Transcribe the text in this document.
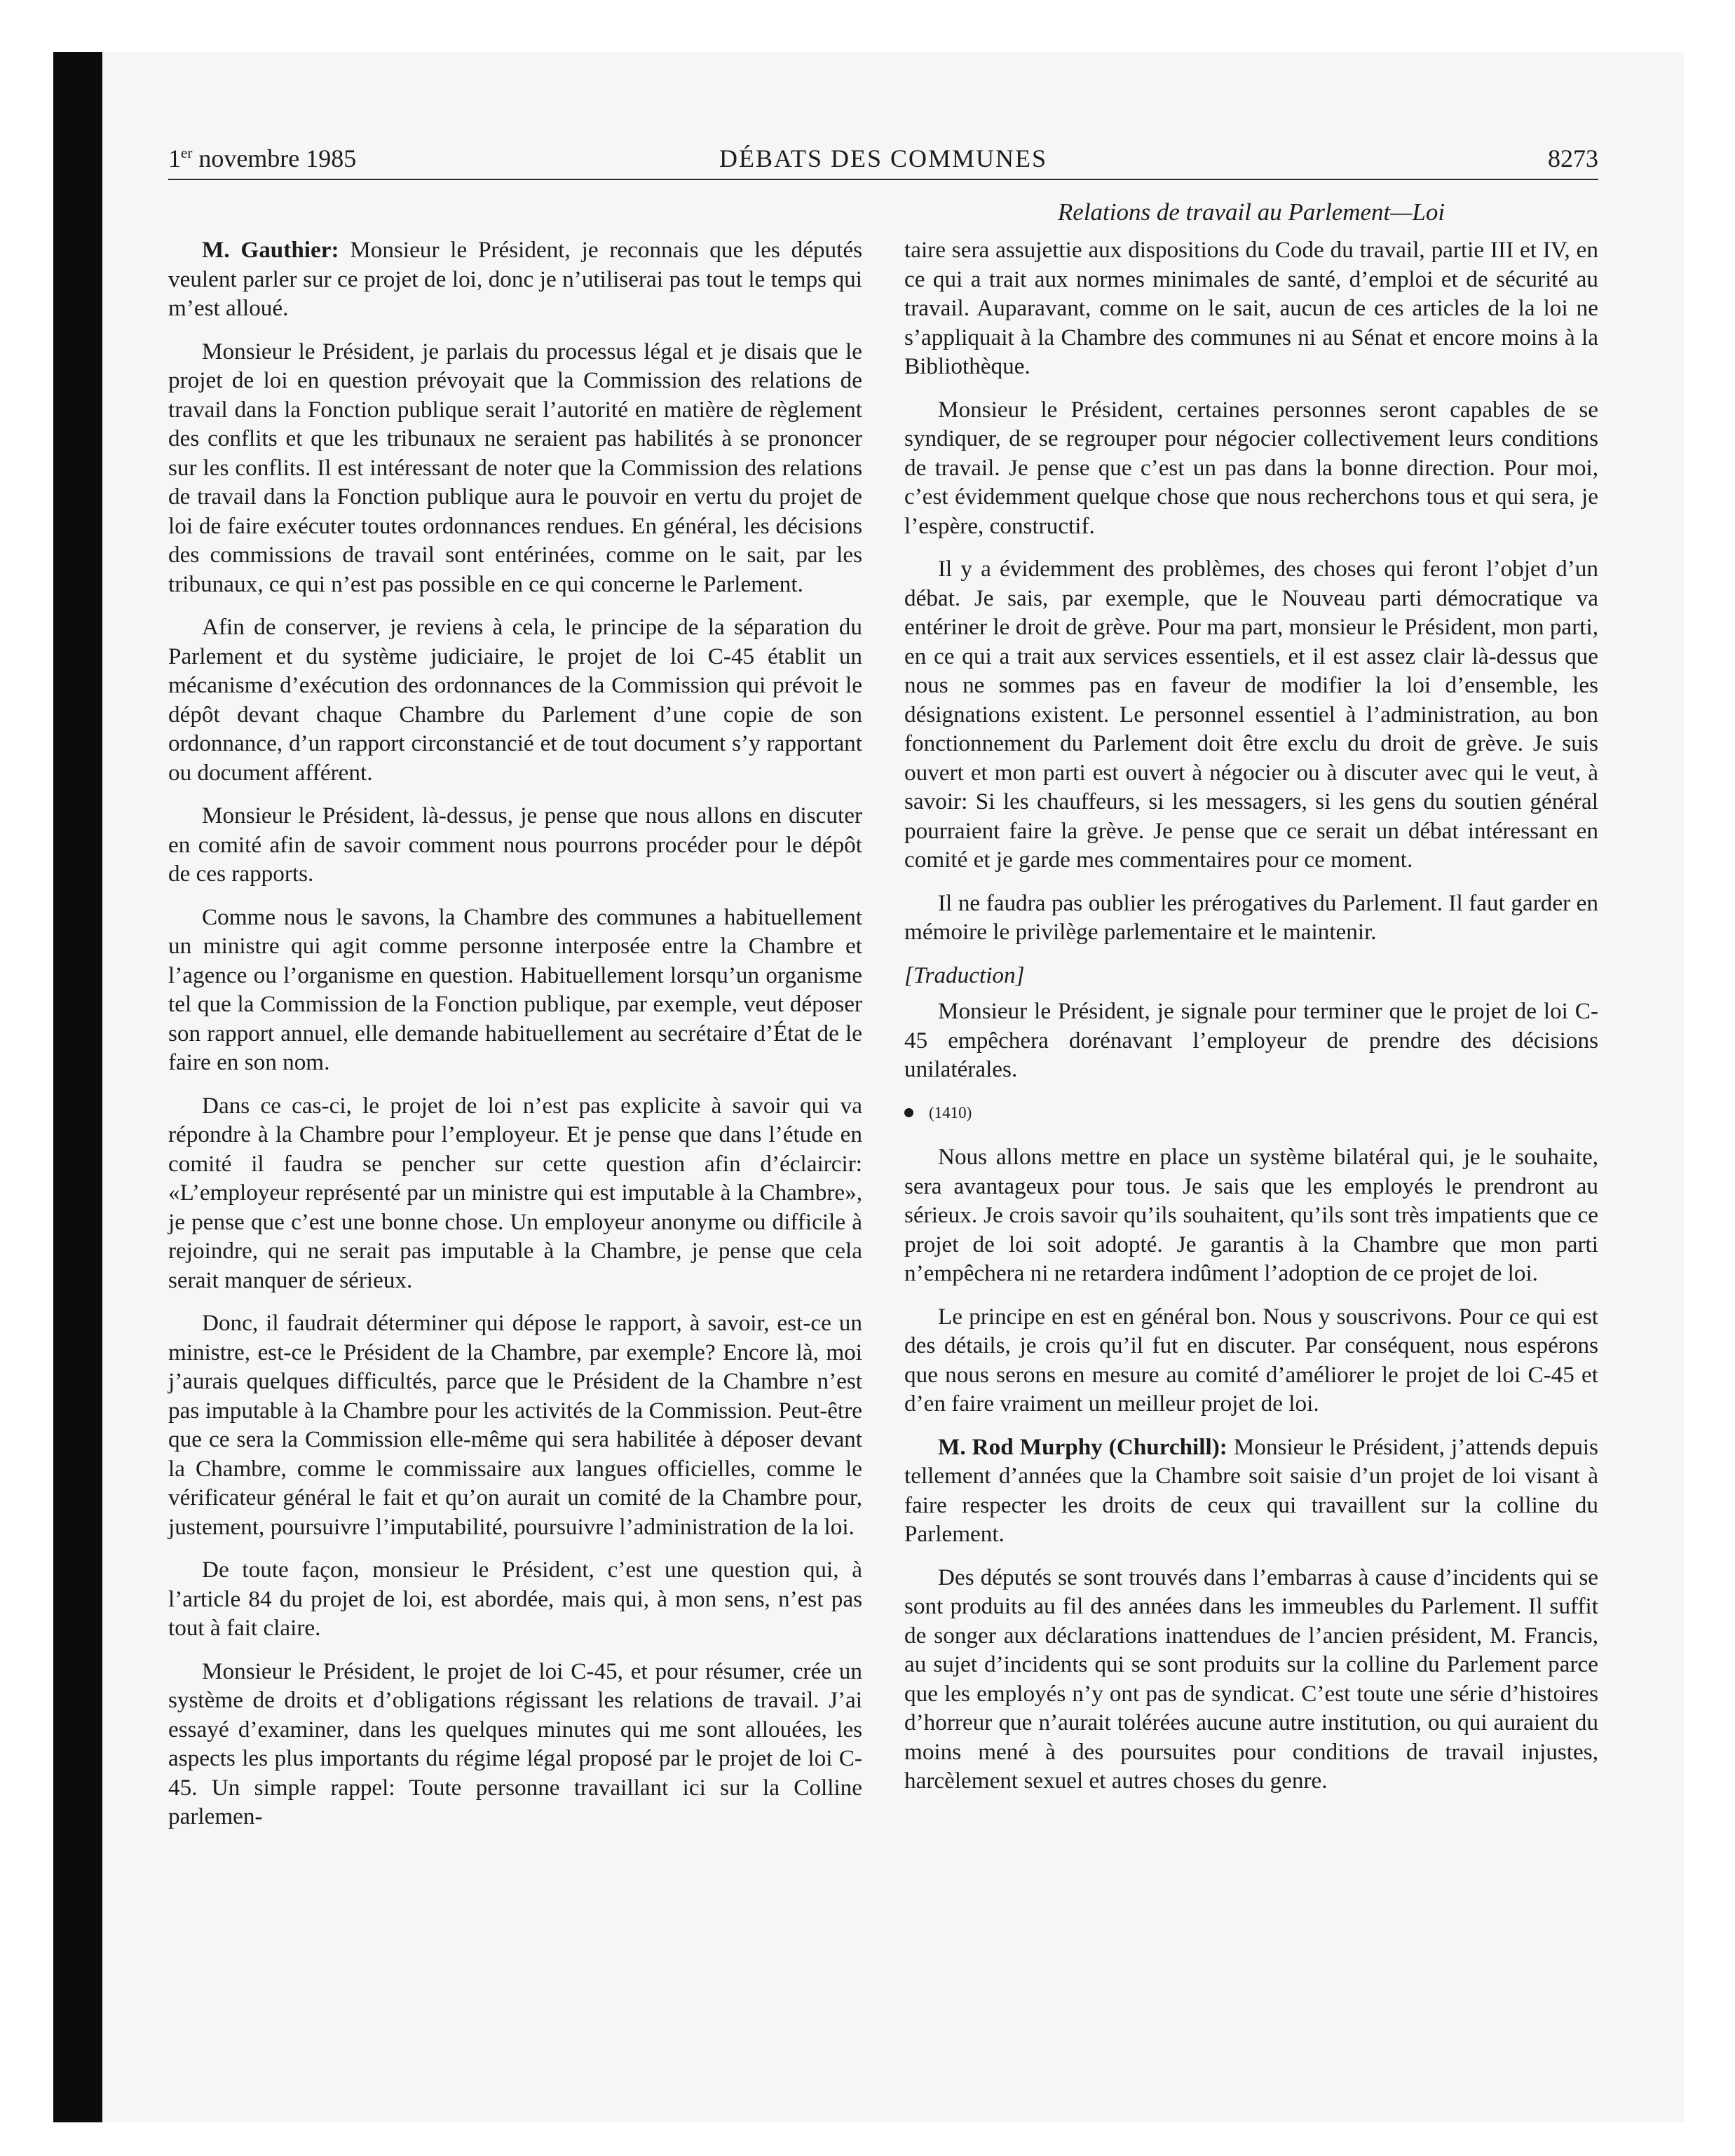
1er novembre 1985	DÉBATS DES COMMUNES	8273
Relations de travail au Parlement—Loi

M. Gauthier: Monsieur le Président, je reconnais que les députés veulent parler sur ce projet de loi, donc je n’utiliserai pas tout le temps qui m’est alloué.

Monsieur le Président, je parlais du processus légal et je disais que le projet de loi en question prévoyait que la Commission des relations de travail dans la Fonction publique serait l’autorité en matière de règlement des conflits et que les tribunaux ne seraient pas habilités à se prononcer sur les conflits. Il est intéressant de noter que la Commission des relations de travail dans la Fonction publique aura le pouvoir en vertu du projet de loi de faire exécuter toutes ordonnances rendues. En général, les décisions des commissions de travail sont entérinées, comme on le sait, par les tribunaux, ce qui n’est pas possible en ce qui concerne le Parlement.

Afin de conserver, je reviens à cela, le principe de la séparation du Parlement et du système judiciaire, le projet de loi C-45 établit un mécanisme d’exécution des ordonnances de la Commission qui prévoit le dépôt devant chaque Chambre du Parlement d’une copie de son ordonnance, d’un rapport circonstancié et de tout document s’y rapportant ou document afférent.

Monsieur le Président, là-dessus, je pense que nous allons en discuter en comité afin de savoir comment nous pourrons procéder pour le dépôt de ces rapports.

Comme nous le savons, la Chambre des communes a habituellement un ministre qui agit comme personne interposée entre la Chambre et l’agence ou l’organisme en question. Habituellement lorsqu’un organisme tel que la Commission de la Fonction publique, par exemple, veut déposer son rapport annuel, elle demande habituellement au secrétaire d’État de le faire en son nom.

Dans ce cas-ci, le projet de loi n’est pas explicite à savoir qui va répondre à la Chambre pour l’employeur. Et je pense que dans l’étude en comité il faudra se pencher sur cette question afin d’éclaircir: «L’employeur représenté par un ministre qui est imputable à la Chambre», je pense que c’est une bonne chose. Un employeur anonyme ou difficile à rejoindre, qui ne serait pas imputable à la Chambre, je pense que cela serait manquer de sérieux.

Donc, il faudrait déterminer qui dépose le rapport, à savoir, est-ce un ministre, est-ce le Président de la Chambre, par exemple? Encore là, moi j’aurais quelques difficultés, parce que le Président de la Chambre n’est pas imputable à la Chambre pour les activités de la Commission. Peut-être que ce sera la Commission elle-même qui sera habilitée à déposer devant la Chambre, comme le commissaire aux langues officielles, comme le vérificateur général le fait et qu’on aurait un comité de la Chambre pour, justement, poursuivre l’imputabilité, poursuivre l’administration de la loi.

De toute façon, monsieur le Président, c’est une question qui, à l’article 84 du projet de loi, est abordée, mais qui, à mon sens, n’est pas tout à fait claire.

Monsieur le Président, le projet de loi C-45, et pour résumer, crée un système de droits et d’obligations régissant les relations de travail. J’ai essayé d’examiner, dans les quelques minutes qui me sont allouées, les aspects les plus importants du régime légal proposé par le projet de loi C-45. Un simple rappel: Toute personne travaillant ici sur la Colline parlemen-

taire sera assujettie aux dispositions du Code du travail, partie III et IV, en ce qui a trait aux normes minimales de santé, d’emploi et de sécurité au travail. Auparavant, comme on le sait, aucun de ces articles de la loi ne s’appliquait à la Chambre des communes ni au Sénat et encore moins à la Bibliothèque.

Monsieur le Président, certaines personnes seront capables de se syndiquer, de se regrouper pour négocier collectivement leurs conditions de travail. Je pense que c’est un pas dans la bonne direction. Pour moi, c’est évidemment quelque chose que nous recherchons tous et qui sera, je l’espère, constructif.

Il y a évidemment des problèmes, des choses qui feront l’objet d’un débat. Je sais, par exemple, que le Nouveau parti démocratique va entériner le droit de grève. Pour ma part, monsieur le Président, mon parti, en ce qui a trait aux services essentiels, et il est assez clair là-dessus que nous ne sommes pas en faveur de modifier la loi d’ensemble, les désignations existent. Le personnel essentiel à l’administration, au bon fonctionnement du Parlement doit être exclu du droit de grève. Je suis ouvert et mon parti est ouvert à négocier ou à discuter avec qui le veut, à savoir: Si les chauffeurs, si les messagers, si les gens du soutien général pourraient faire la grève. Je pense que ce serait un débat intéressant en comité et je garde mes commentaires pour ce moment.

Il ne faudra pas oublier les prérogatives du Parlement. Il faut garder en mémoire le privilège parlementaire et le maintenir.

[Traduction]

Monsieur le Président, je signale pour terminer que le projet de loi C-45 empêchera dorénavant l’employeur de prendre des décisions unilatérales.

(1410)

Nous allons mettre en place un système bilatéral qui, je le souhaite, sera avantageux pour tous. Je sais que les employés le prendront au sérieux. Je crois savoir qu’ils souhaitent, qu’ils sont très impatients que ce projet de loi soit adopté. Je garantis à la Chambre que mon parti n’empêchera ni ne retardera indûment l’adoption de ce projet de loi.

Le principe en est en général bon. Nous y souscrivons. Pour ce qui est des détails, je crois qu’il fut en discuter. Par conséquent, nous espérons que nous serons en mesure au comité d’améliorer le projet de loi C-45 et d’en faire vraiment un meilleur projet de loi.

M. Rod Murphy (Churchill): Monsieur le Président, j’attends depuis tellement d’années que la Chambre soit saisie d’un projet de loi visant à faire respecter les droits de ceux qui travaillent sur la colline du Parlement.

Des députés se sont trouvés dans l’embarras à cause d’incidents qui se sont produits au fil des années dans les immeubles du Parlement. Il suffit de songer aux déclarations inattendues de l’ancien président, M. Francis, au sujet d’incidents qui se sont produits sur la colline du Parlement parce que les employés n’y ont pas de syndicat. C’est toute une série d’histoires d’horreur que n’aurait tolérées aucune autre institution, ou qui auraient du moins mené à des poursuites pour conditions de travail injustes, harcèlement sexuel et autres choses du genre.
